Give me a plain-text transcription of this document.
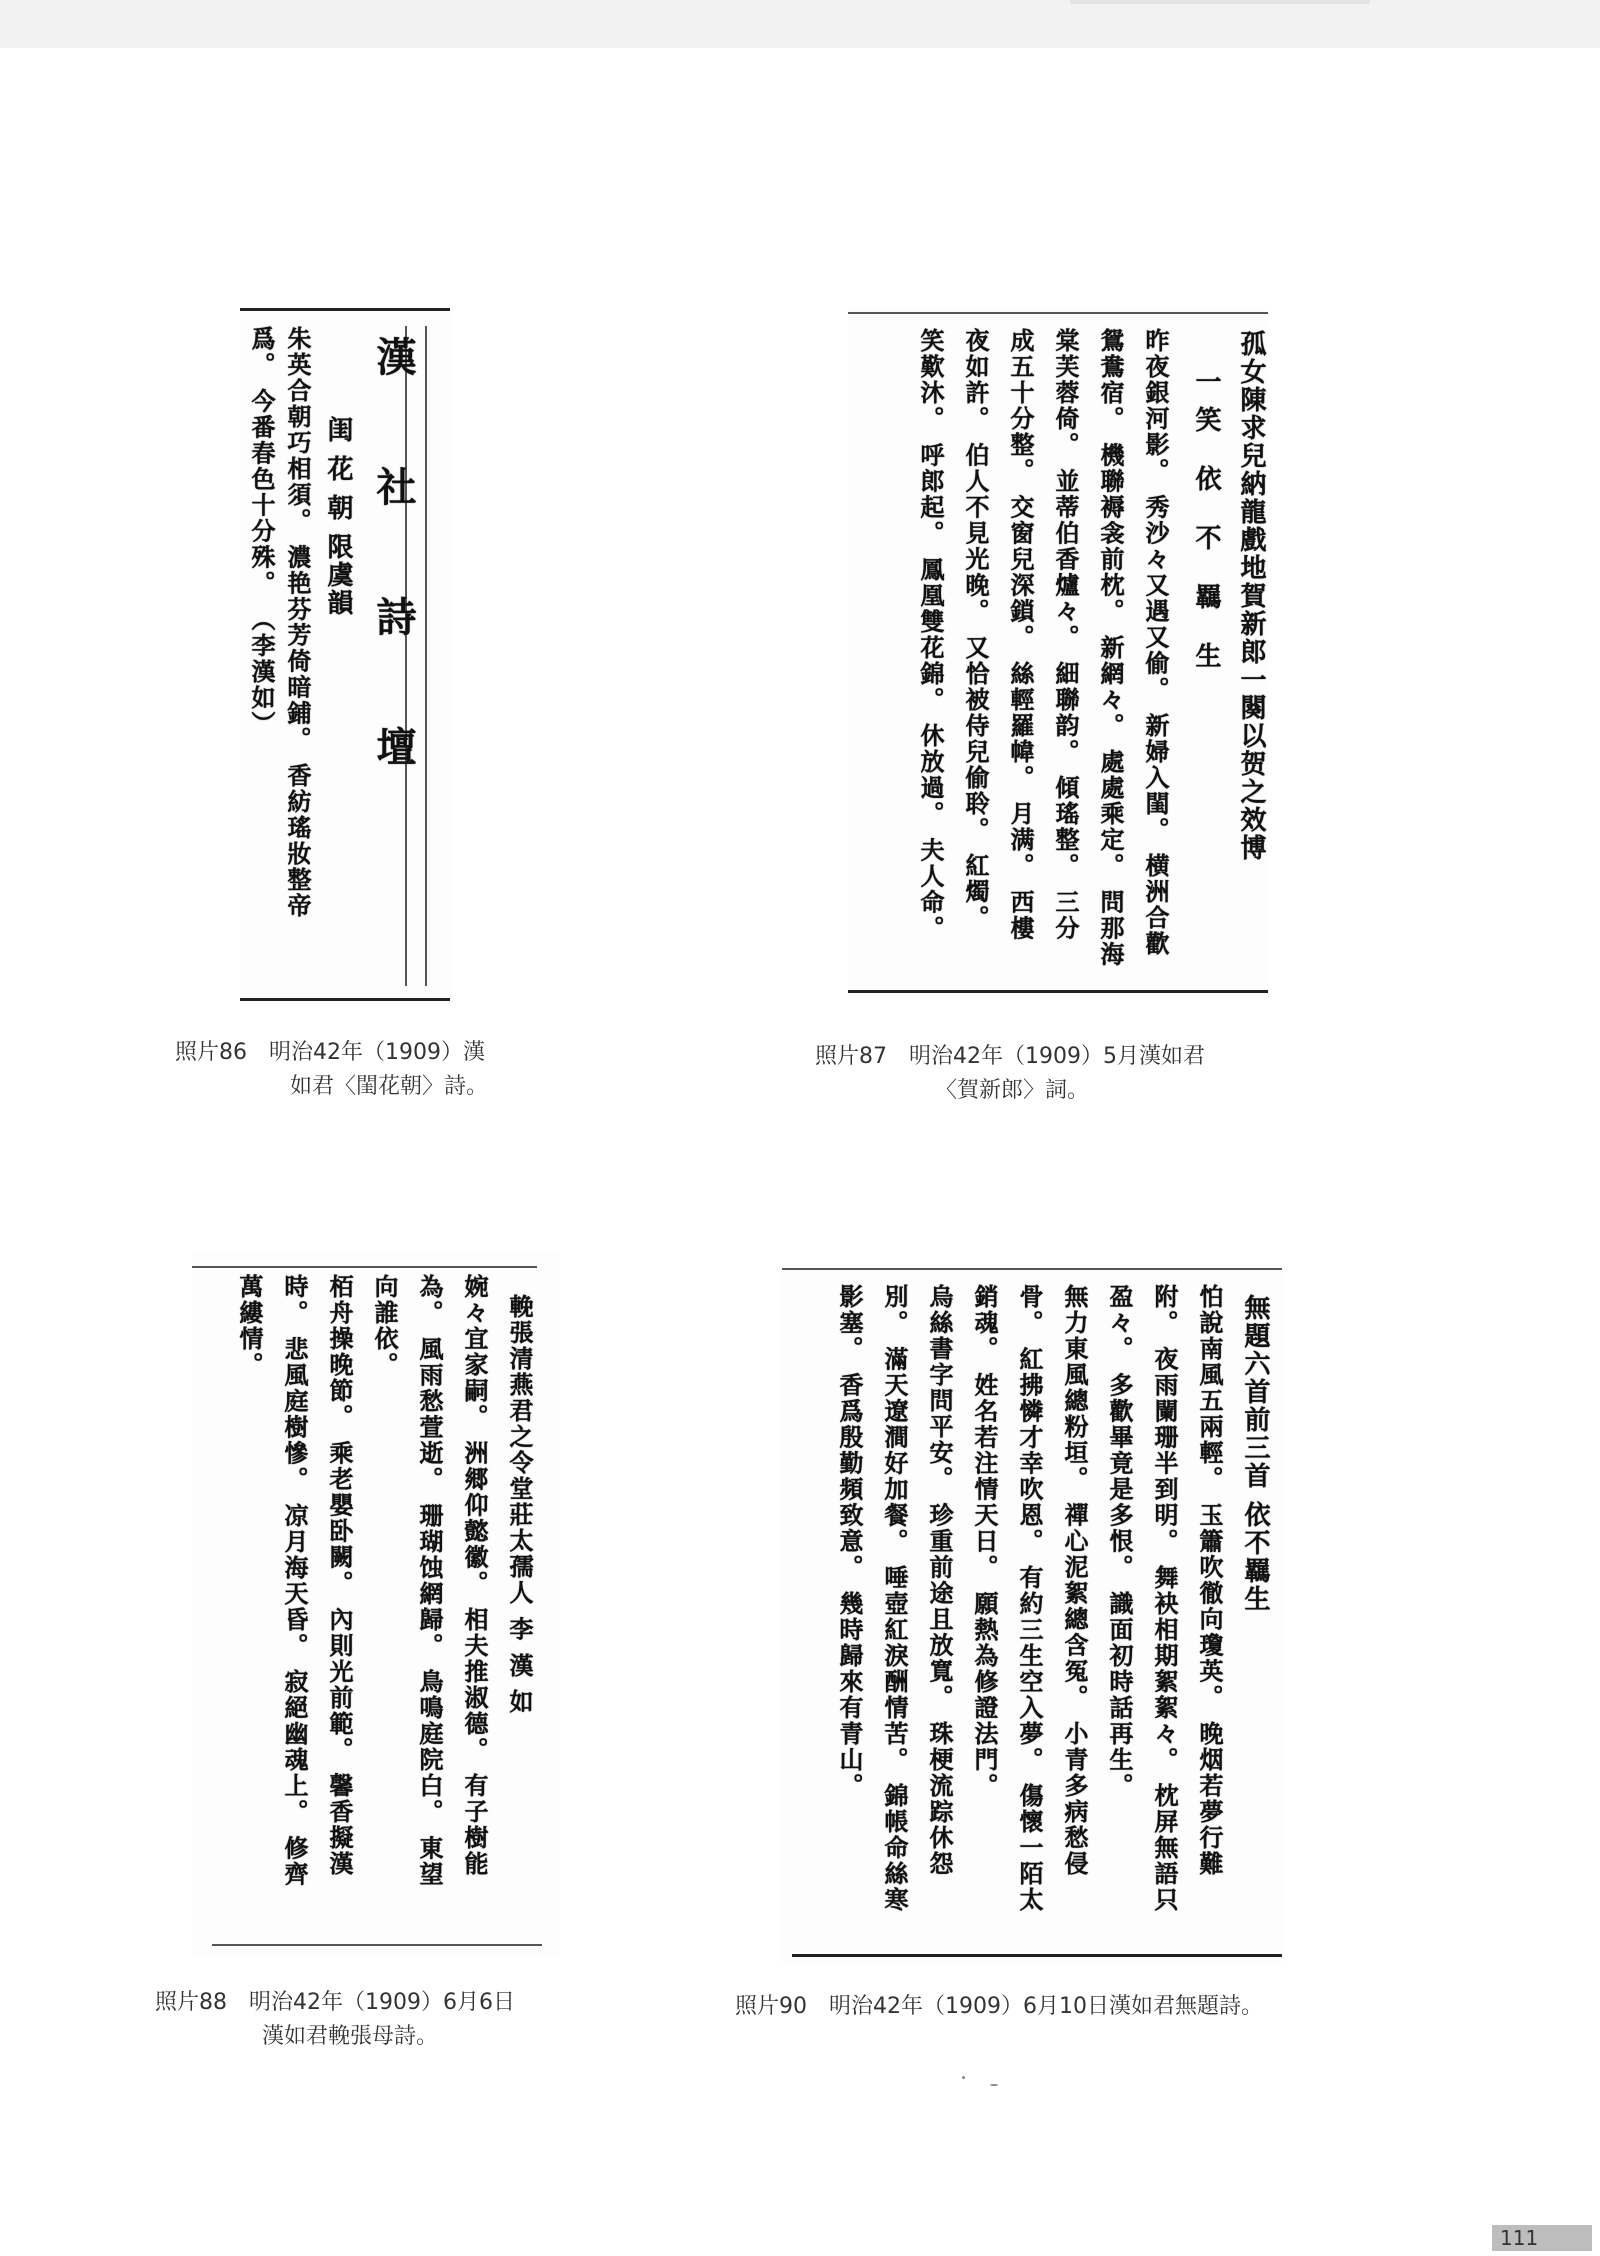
漢社詩壇
闺 花 朝 限虞韻
朱英合朝巧相須。 濃艳芬芳倚暗鋪。 香紡瑤妝整帝
爲。 今番春色十分殊。 （李漢如）
照片86　明治42年（1909）漢
如君〈閨花朝〉詩。
孤女陳求兒納龍戲地賀新郎一闋以贺之效博
一笑 依 不 羈 生
昨夜銀河影。 秀沙々又遇又偷。 新婦入閨。 横洲合歡
鴛鴦宿。 機聯褥衾前枕。 新網々。 處處乘定。 問那海
棠芙蓉倚。 並蒂伯香爐々。 細聯韵。 傾瑤整。 三分
成五十分整。 交窗兒深鎖。 絲輕羅幃。 月满。 西樓
夜如許。 伯人不見光晚。 又恰被侍兒偷聆。 紅燭。
笑歎沐。 呼郎起。 鳳凰雙花錦。 休放過。 夫人命。
照片87　明治42年（1909）5月漢如君
〈賀新郎〉詞。
輓張清燕君之令堂莊太孺人 李 漢 如
婉々宜家嗣。 洲郷仰懿徽。 相夫推淑德。 有子樹能
為。 風雨愁萱逝。 珊瑚蚀網歸。 鳥鳴庭院白。 東望
向誰依。
栢舟操晚節。 乘老嬰卧闕。 內則光前範。 馨香擬漢
時。 悲風庭樹慘。 凉月海天昏。 寂絕幽魂上。 修齊
萬縷情。
照片88　明治42年（1909）6月6日
漢如君輓張母詩。
無題六首前三首 依不羈生
怕說南風五兩輕。 玉簫吹徹向瓊英。 晚烟若夢行難
附。 夜雨闌珊半到明。 舞袂相期絮絮々。 枕屏無語只
盈々。 多歡畢竟是多恨。 識面初時話再生。
無力東風總粉垣。 禪心泥絮總含冤。 小青多病愁侵
骨。 紅拂憐才幸吹恩。 有約三生空入夢。 傷懷一陌太
銷魂。 姓名若注情天日。 願熱為修證法門。
烏絲書字問平安。 珍重前途且放寬。 珠梗流踪休怨
別。 滿天遼澗好加餐。 唾壺紅淚酬情苦。 錦帳命絲寒
影塞。 香爲殷勤頻致意。 幾時歸來有青山。
照片90　明治42年（1909）6月10日漢如君無題詩。
111
